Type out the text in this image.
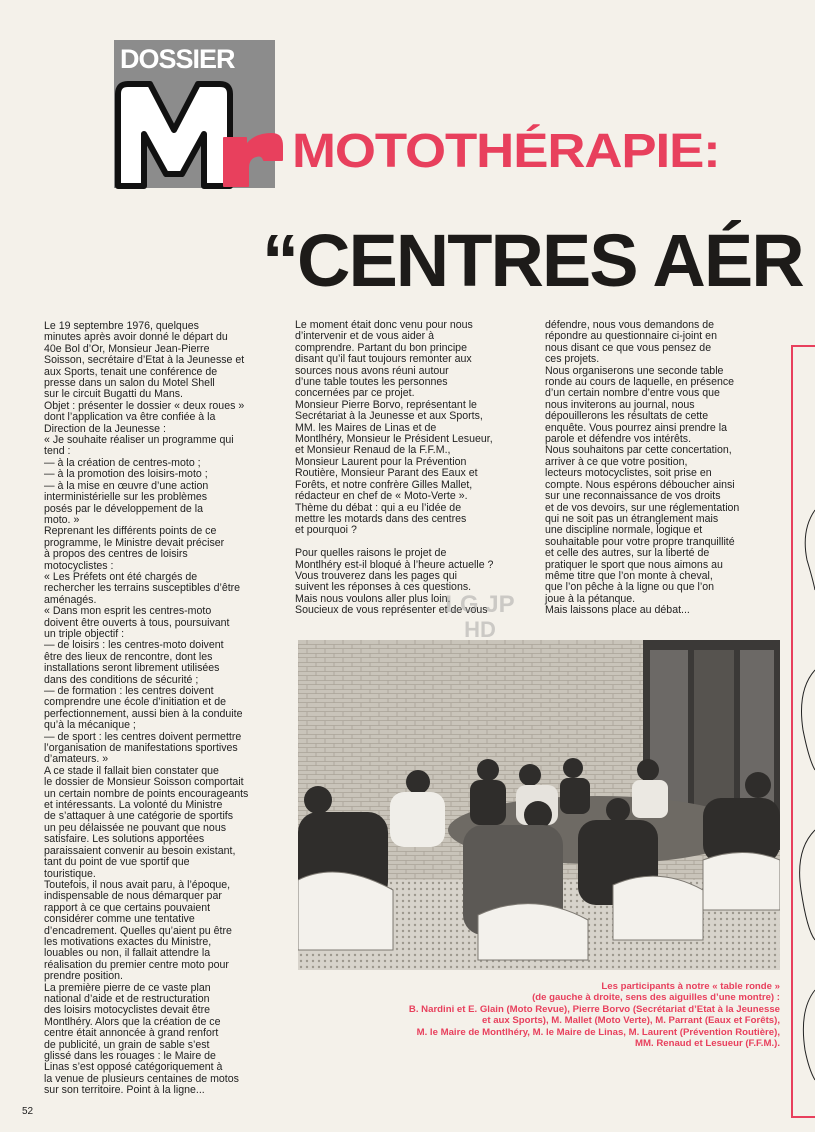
DOSSIER
MOTOTHÉRAPIE:
“CENTRES AÉR
Le 19 septembre 1976, quelques
minutes après avoir donné le départ du
40e Bol d’Or, Monsieur Jean-Pierre
Soisson, secrétaire d’Etat à la Jeunesse et
aux Sports, tenait une conférence de
presse dans un salon du Motel Shell
sur le circuit Bugatti du Mans.
Objet : présenter le dossier « deux roues »
dont l’application va être confiée à la
Direction de la Jeunesse :
« Je souhaite réaliser un programme qui
tend :
— à la création de centres-moto ;
— à la promotion des loisirs-moto ;
— à la mise en œuvre d’une action
interministérielle sur les problèmes
posés par le développement de la
moto. »
Reprenant les différents points de ce
programme, le Ministre devait préciser
à propos des centres de loisirs
motocyclistes :
« Les Préfets ont été chargés de
rechercher les terrains susceptibles d’être
aménagés.
« Dans mon esprit les centres-moto
doivent être ouverts à tous, poursuivant
un triple objectif :
— de loisirs : les centres-moto doivent
être des lieux de rencontre, dont les
installations seront librement utilisées
dans des conditions de sécurité ;
— de formation : les centres doivent
comprendre une école d’initiation et de
perfectionnement, aussi bien à la conduite
qu’à la mécanique ;
— de sport : les centres doivent permettre
l’organisation de manifestations sportives
d’amateurs. »
A ce stade il fallait bien constater que
le dossier de Monsieur Soisson comportait
un certain nombre de points encourageants
et intéressants. La volonté du Ministre
de s’attaquer à une catégorie de sportifs
un peu délaissée ne pouvant que nous
satisfaire. Les solutions apportées
paraissaient convenir au besoin existant,
tant du point de vue sportif que
touristique.
Toutefois, il nous avait paru, à l’époque,
indispensable de nous démarquer par
rapport à ce que certains pouvaient
considérer comme une tentative
d’encadrement. Quelles qu’aient pu être
les motivations exactes du Ministre,
louables ou non, il fallait attendre la
réalisation du premier centre moto pour
prendre position.
La première pierre de ce vaste plan
national d’aide et de restructuration
des loisirs motocyclistes devait être
Montlhéry. Alors que la création de ce
centre était annoncée à grand renfort
de publicité, un grain de sable s’est
glissé dans les rouages : le Maire de
Linas s’est opposé catégoriquement à
la venue de plusieurs centaines de motos
sur son territoire. Point à la ligne...
Le moment était donc venu pour nous
d’intervenir et de vous aider à
comprendre. Partant du bon principe
disant qu’il faut toujours remonter aux
sources nous avons réuni autour
d’une table toutes les personnes
concernées par ce projet.
Monsieur Pierre Borvo, représentant le
Secrétariat à la Jeunesse et aux Sports,
MM. les Maires de Linas et de
Montlhéry, Monsieur le Président Lesueur,
et Monsieur Renaud de la F.F.M.,
Monsieur Laurent pour la Prévention
Routière, Monsieur Parant des Eaux et
Forêts, et notre confrère Gilles Mallet,
rédacteur en chef de « Moto-Verte ».
Thème du débat : qui a eu l’idée de
mettre les motards dans des centres
et pourquoi ?

Pour quelles raisons le projet de
Montlhéry est-il bloqué à l’heure actuelle ?
Vous trouverez dans les pages qui
suivent les réponses à ces questions.
Mais nous voulons aller plus loin.
Soucieux de vous représenter et de vous
défendre, nous vous demandons de
répondre au questionnaire ci-joint en
nous disant ce que vous pensez de
ces projets.
Nous organiserons une seconde table
ronde au cours de laquelle, en présence
d’un certain nombre d’entre vous que
nous inviterons au journal, nous
dépouillerons les résultats de cette
enquête. Vous pourrez ainsi prendre la
parole et défendre vos intérêts.
Nous souhaitons par cette concertation,
arriver à ce que votre position,
lecteurs motocyclistes, soit prise en
compte. Nous espérons déboucher ainsi
sur une reconnaissance de vos droits
et de vos devoirs, sur une réglementation
qui ne soit pas un étranglement mais
une discipline normale, logique et
souhaitable pour votre propre tranquillité
et celle des autres, sur la liberté de
pratiquer le sport que nous aimons au
même titre que l’on monte à cheval,
que l’on pêche à la ligne ou que l’on
joue à la pétanque.
Mais laissons place au débat...
LG JP
HD
Les participants à notre « table ronde »
(de gauche à droite, sens des aiguilles d’une montre) :
B. Nardini et E. Glain (Moto Revue), Pierre Borvo (Secrétariat d’Etat à la Jeunesse
et aux Sports), M. Mallet (Moto Verte), M. Parrant (Eaux et Forêts),
M. le Maire de Montlhéry, M. le Maire de Linas, M. Laurent (Prévention Routière),
MM. Renaud et Lesueur (F.F.M.).
52
